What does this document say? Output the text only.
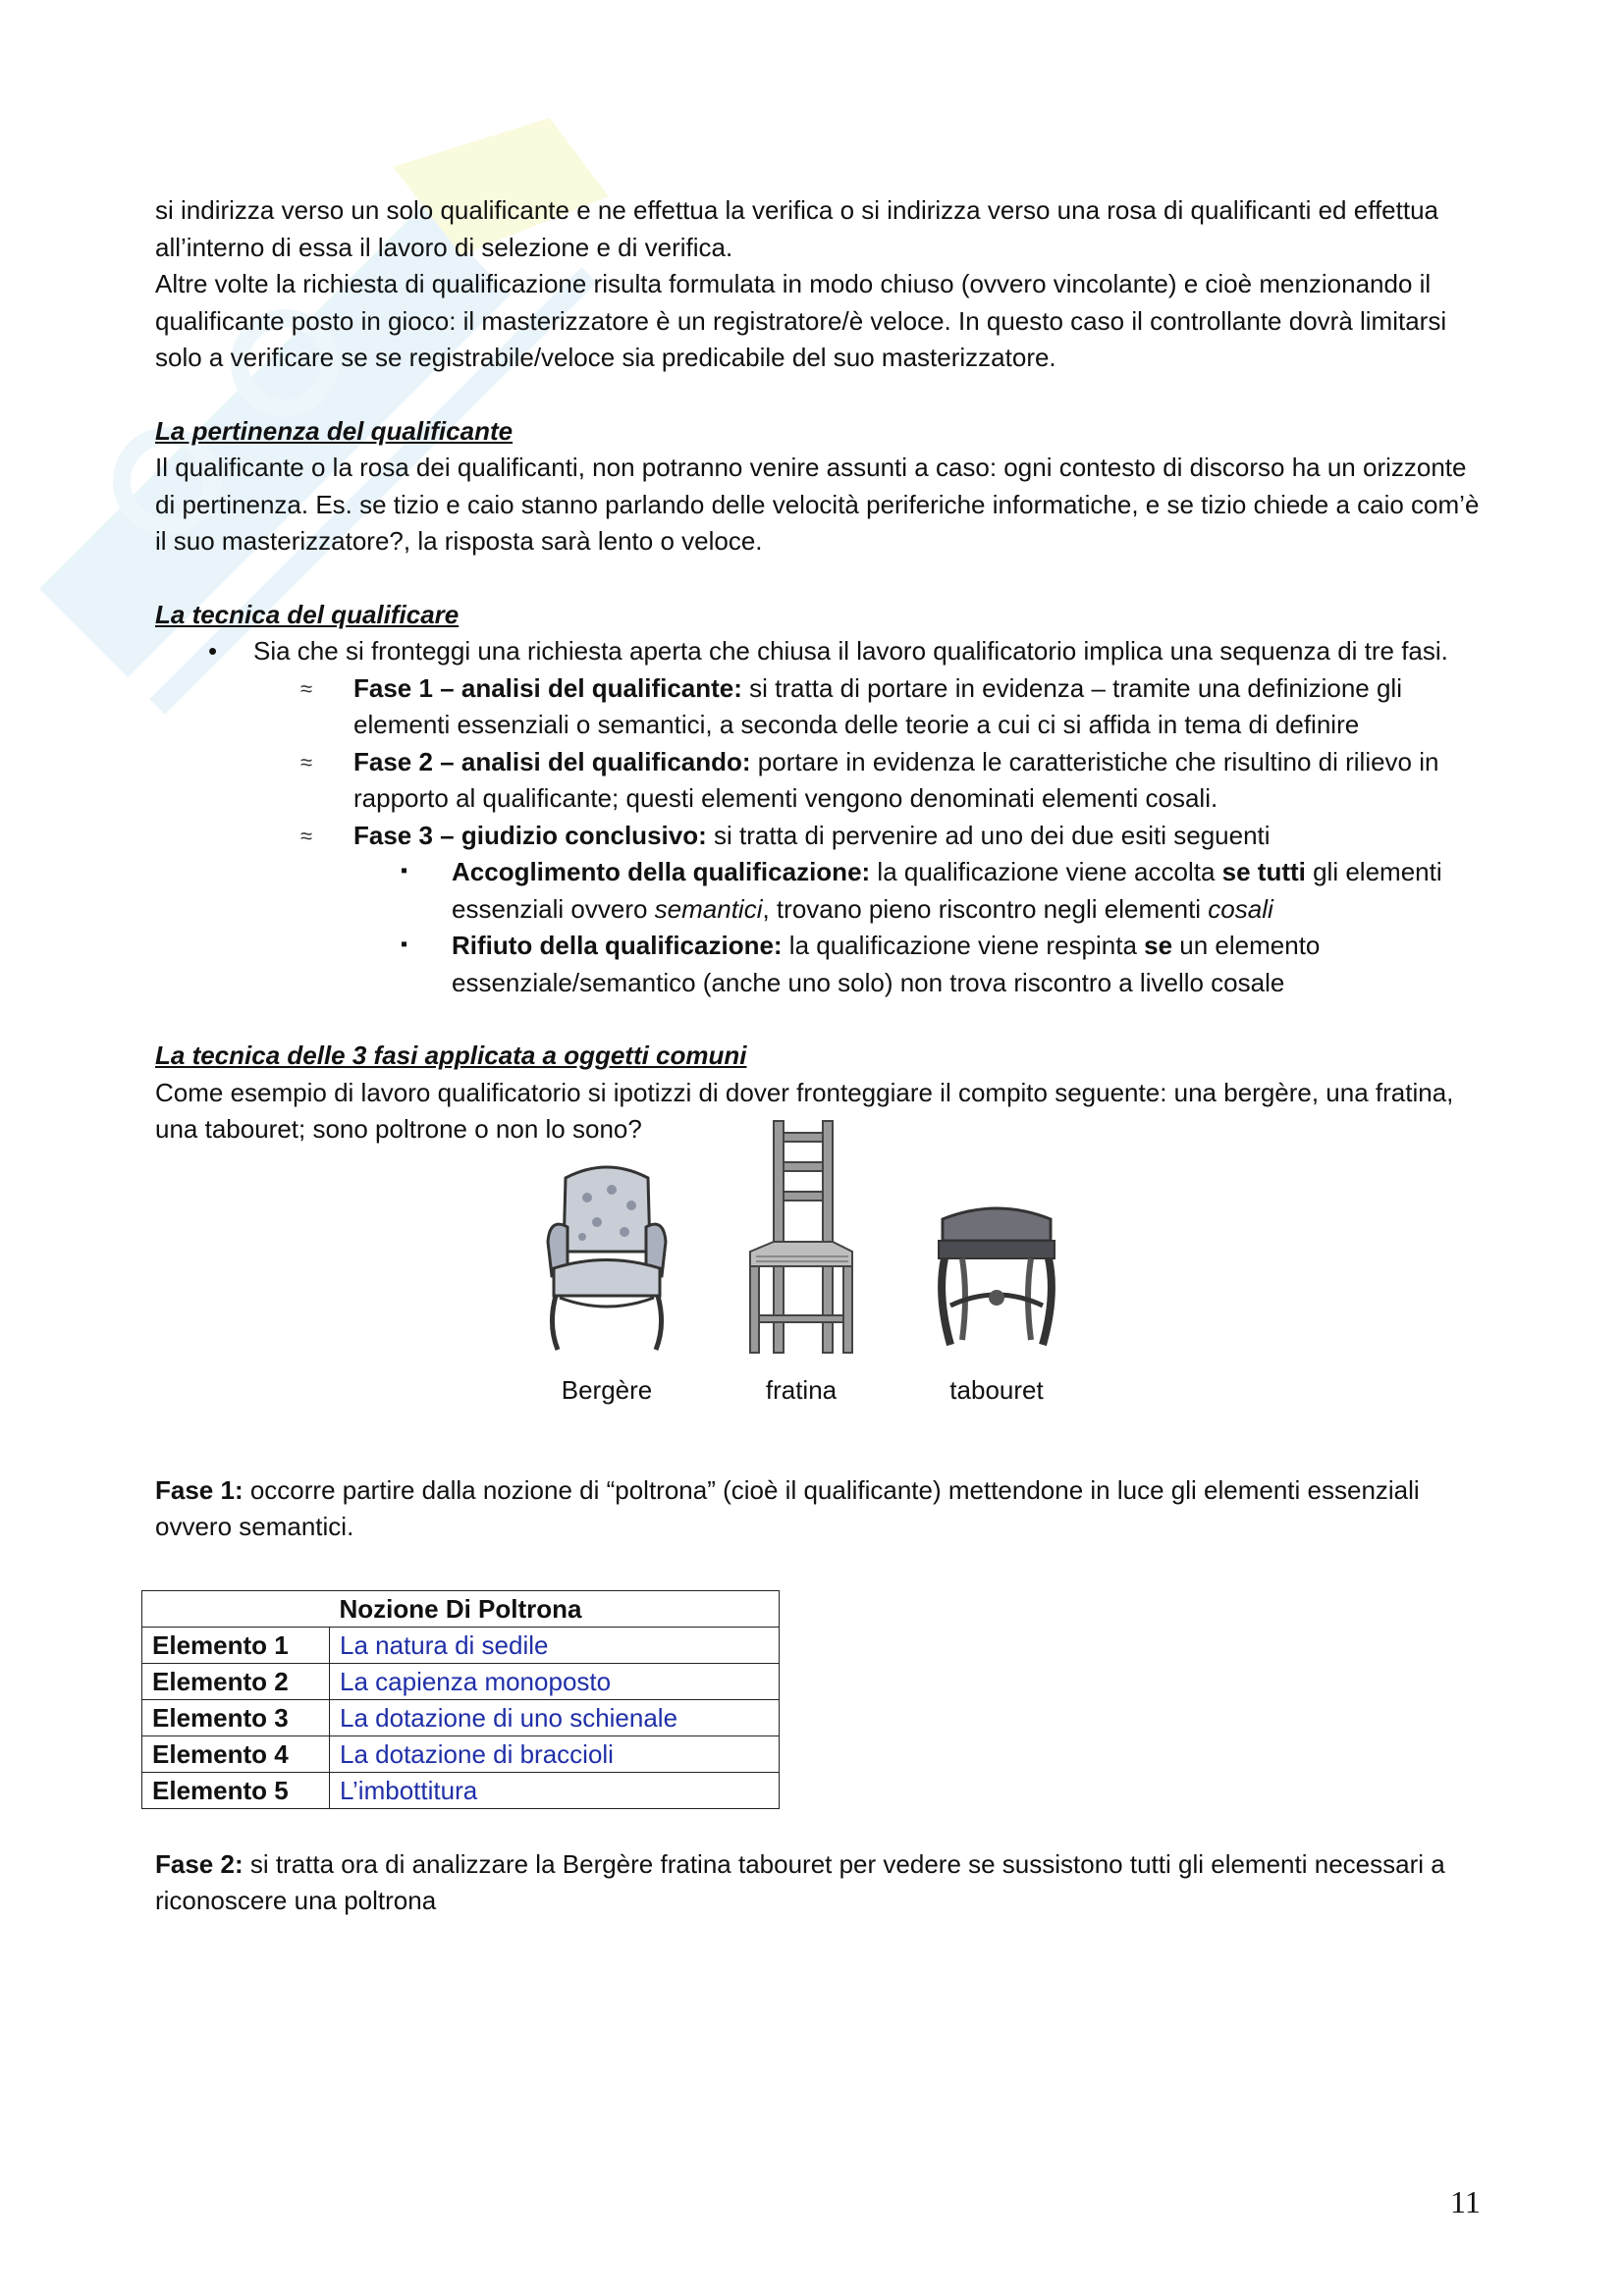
si indirizza verso un solo qualificante e ne effettua la verifica o si indirizza verso una rosa di qualificanti ed effettua all’interno di essa il lavoro di selezione e di verifica.

Altre volte la richiesta di qualificazione risulta formulata in modo chiuso (ovvero vincolante) e cioè menzionando il qualificante posto in gioco: il masterizzatore è un registratore/è veloce. In questo caso il controllante dovrà limitarsi solo a verificare se se registrabile/veloce sia predicabile del suo masterizzatore.

La pertinenza del qualificante

Il qualificante o la rosa dei qualificanti, non potranno venire assunti a caso: ogni contesto di discorso ha un orizzonte di pertinenza. Es. se tizio e caio stanno parlando delle velocità periferiche informatiche, e se tizio chiede a caio com’è il suo masterizzatore?, la risposta sarà lento o veloce.

La tecnica del qualificare

• Sia che si fronteggi una richiesta aperta che chiusa il lavoro qualificatorio implica una sequenza di tre fasi.
≈ Fase 1 – analisi del qualificante: si tratta di portare in evidenza – tramite una definizione gli elementi essenziali o semantici, a seconda delle teorie a cui ci si affida in tema di definire
≈ Fase 2 – analisi del qualificando: portare in evidenza le caratteristiche che risultino di rilievo in rapporto al qualificante; questi elementi vengono denominati elementi cosali.
≈ Fase 3 – giudizio conclusivo: si tratta di pervenire ad uno dei due esiti seguenti
▪ Accoglimento della qualificazione: la qualificazione viene accolta se tutti gli elementi essenziali ovvero semantici, trovano pieno riscontro negli elementi cosali
▪ Rifiuto della qualificazione: la qualificazione viene respinta se un elemento essenziale/semantico (anche uno solo) non trova riscontro a livello cosale

La tecnica delle 3 fasi applicata a oggetti comuni

Come esempio di lavoro qualificatorio si ipotizzi di dover fronteggiare il compito seguente: una bergère, una fratina, una tabouret; sono poltrone o non lo sono?

Bergère	fratina	tabouret

Fase 1: occorre partire dalla nozione di “poltrona” (cioè il qualificante) mettendone in luce gli elementi essenziali ovvero semantici.

Nozione Di Poltrona	
Elemento 1	La natura di sedile
Elemento 2	La capienza monoposto
Elemento 3	La dotazione di uno schienale
Elemento 4	La dotazione di braccioli
Elemento 5	L’imbottitura

Fase 2: si tratta ora di analizzare la Bergère fratina tabouret per vedere se sussistono tutti gli elementi necessari a riconoscere una poltrona

11
